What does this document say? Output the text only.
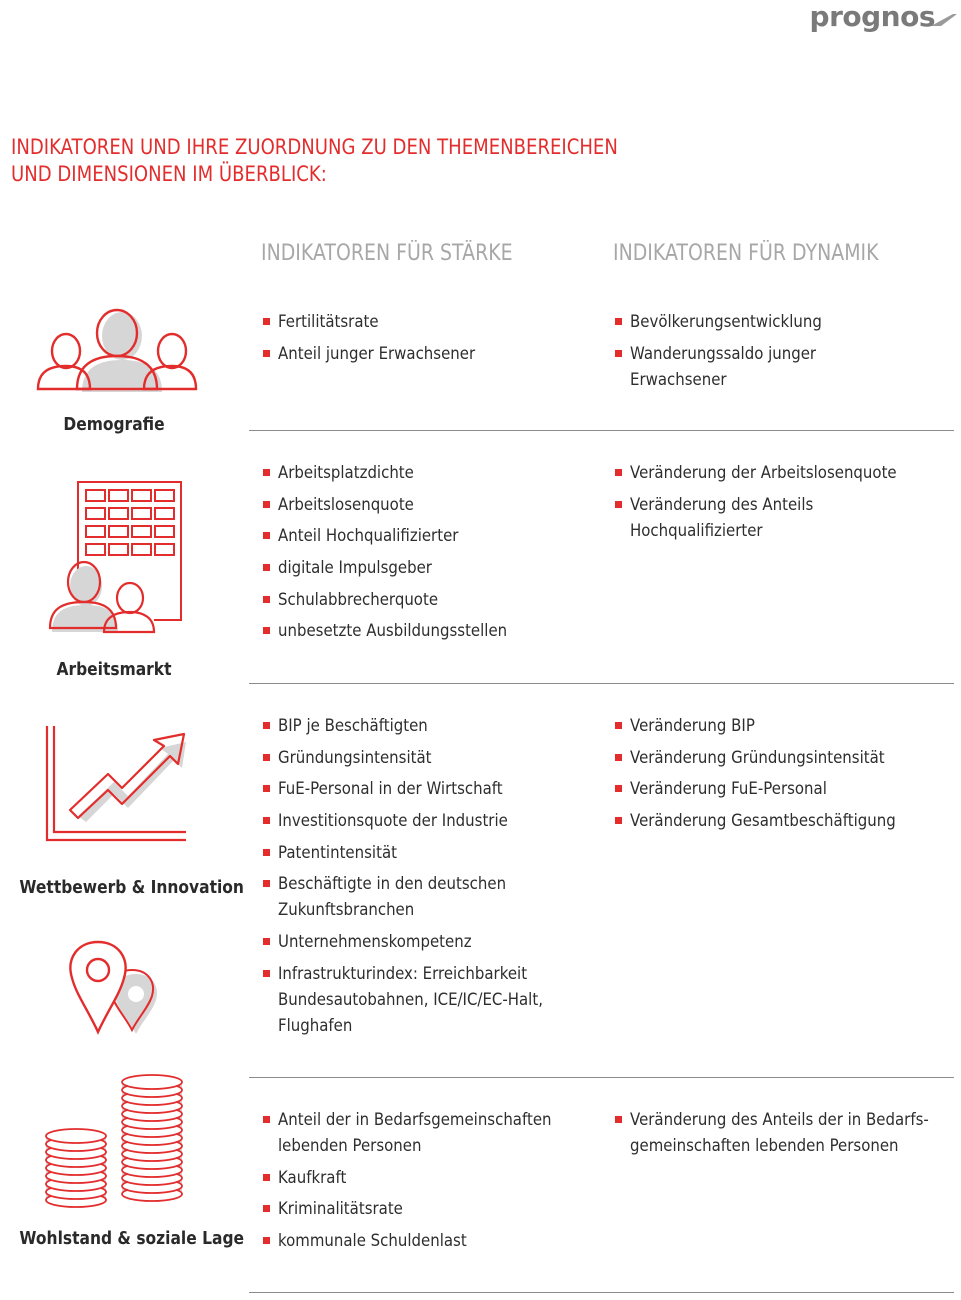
prognos
INDIKATOREN UND IHRE ZUORDNUNG ZU DEN THEMENBEREICHEN
UND DIMENSIONEN IM ÜBERBLICK:
INDIKATOREN FÜR STÄRKE	INDIKATOREN FÜR DYNAMIK
Demografie
Fertilitätsrate
Anteil junger Erwachsener
Bevölkerungsentwicklung
Wanderungssaldo junger Erwachsener
Arbeitsmarkt
Arbeitsplatzdichte
Arbeitslosenquote
Anteil Hochqualifizierter
digitale Impulsgeber
Schulabbrecherquote
unbesetzte Ausbildungsstellen
Veränderung der Arbeitslosenquote
Veränderung des Anteils Hochqualifizierter
Wettbewerb & Innovation
BIP je Beschäftigten
Gründungsintensität
FuE-Personal in der Wirtschaft
Investitionsquote der Industrie
Patentintensität
Beschäftigte in den deutschen Zukunftsbranchen
Unternehmenskompetenz
Infrastrukturindex: Erreichbarkeit Bundesautobahnen, ICE/IC/EC-Halt, Flughafen
Veränderung BIP
Veränderung Gründungsintensität
Veränderung FuE-Personal
Veränderung Gesamtbeschäftigung
Wohlstand & soziale Lage
Anteil der in Bedarfsgemeinschaften lebenden Personen
Kaufkraft
Kriminalitätsrate
kommunale Schuldenlast
Veränderung des Anteils der in Bedarfs-gemeinschaften lebenden Personen
